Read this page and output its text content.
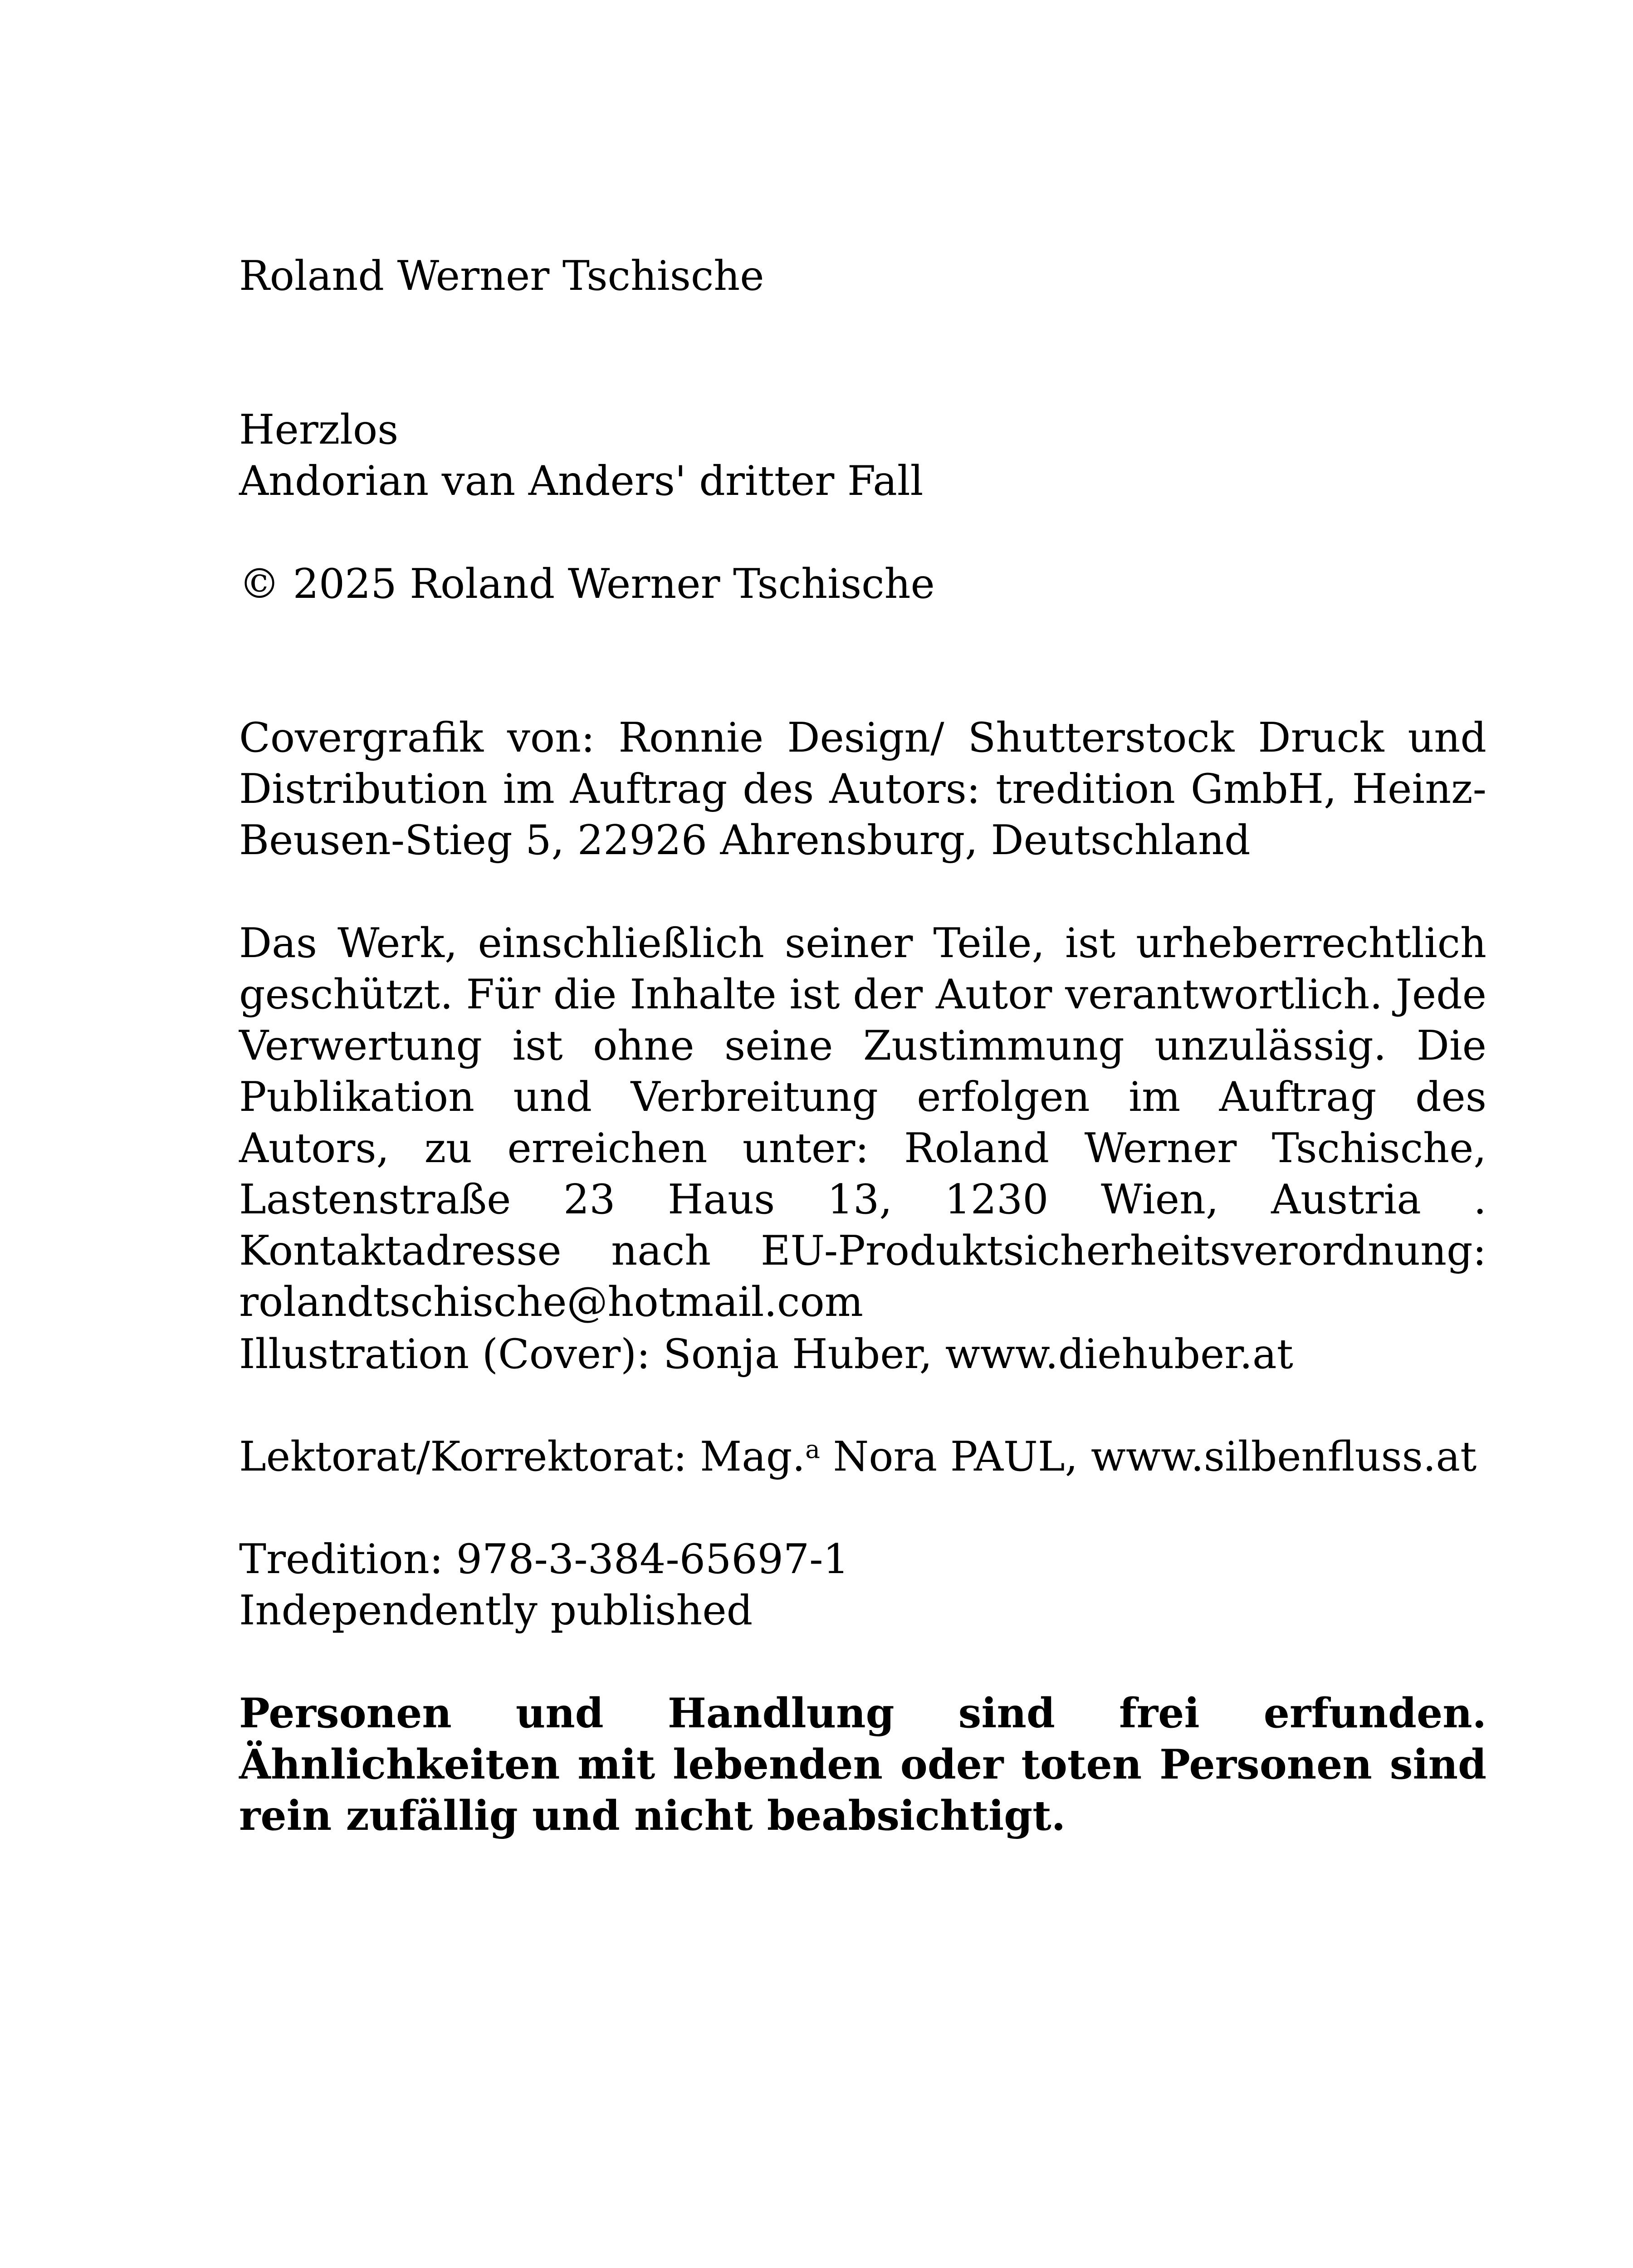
Roland Werner Tschische

Herzlos
Andorian van Anders' dritter Fall

© 2025 Roland Werner Tschische

Covergrafik von: Ronnie Design/ Shutterstock Druck und Distribution im Auftrag des Autors: tredition GmbH, Heinz-Beusen-Stieg 5, 22926 Ahrensburg, Deutschland

Das Werk, einschließlich seiner Teile, ist urheberrechtlich geschützt. Für die Inhalte ist der Autor verantwortlich. Jede Verwertung ist ohne seine Zustimmung unzulässig. Die Publikation und Verbreitung erfolgen im Auftrag des Autors, zu erreichen unter: Roland Werner Tschische, Lastenstraße 23 Haus 13, 1230 Wien, Austria . Kontaktadresse nach EU-Produktsicherheitsverordnung: rolandtschische@hotmail.com

Illustration (Cover): Sonja Huber, www.diehuber.at

Lektorat/Korrektorat: Mag.$^a$ Nora PAUL, www.silbenfluss.at

Tredition: 978-3-384-65697-1
Independently published

Personen und Handlung sind frei erfunden. Ähnlichkeiten mit lebenden oder toten Personen sind rein zufällig und nicht beabsichtigt.
